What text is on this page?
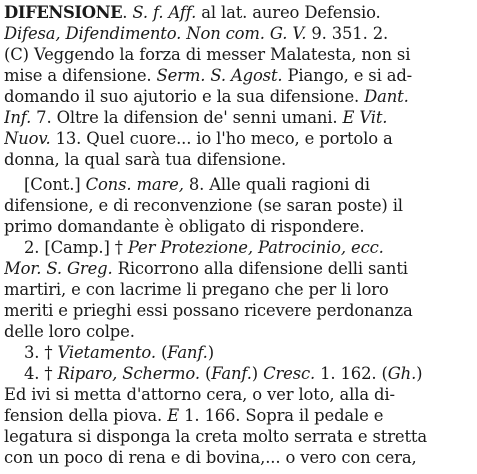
DIFENSIONE. S. f. Aff. al lat. aureo Defensio.
Difesa, Difendimento. Non com. G. V. 9. 351. 2.
(C) Veggendo la forza di messer Malatesta, non si
mise a difensione. Serm. S. Agost. Piango, e si ad-
domando il suo ajutorio e la sua difensione. Dant.
Inf. 7. Oltre la difension de' senni umani. E Vit.
Nuov. 13. Quel cuore... io l'ho meco, e portolo a
donna, la qual sarà tua difensione.
[Cont.] Cons. mare, 8. Alle quali ragioni di
difensione, e di reconvenzione (se saran poste) il
primo domandante è obligato di rispondere.
2. [Camp.] † Per Protezione, Patrocinio, ecc.
Mor. S. Greg. Ricorrono alla difensione delli santi
martiri, e con lacrime li pregano che per li loro
meriti e prieghi essi possano ricevere perdonanza
delle loro colpe.
3. † Vietamento. (Fanf.)
4. † Riparo, Schermo. (Fanf.) Cresc. 1. 162. (Gh.)
Ed ivi si metta d'attorno cera, o ver loto, alla di-
fension della piova. E 1. 166. Sopra il pedale e
legatura si disponga la creta molto serrata e stretta
con un poco di rena e di bovina,... o vero con cera,
